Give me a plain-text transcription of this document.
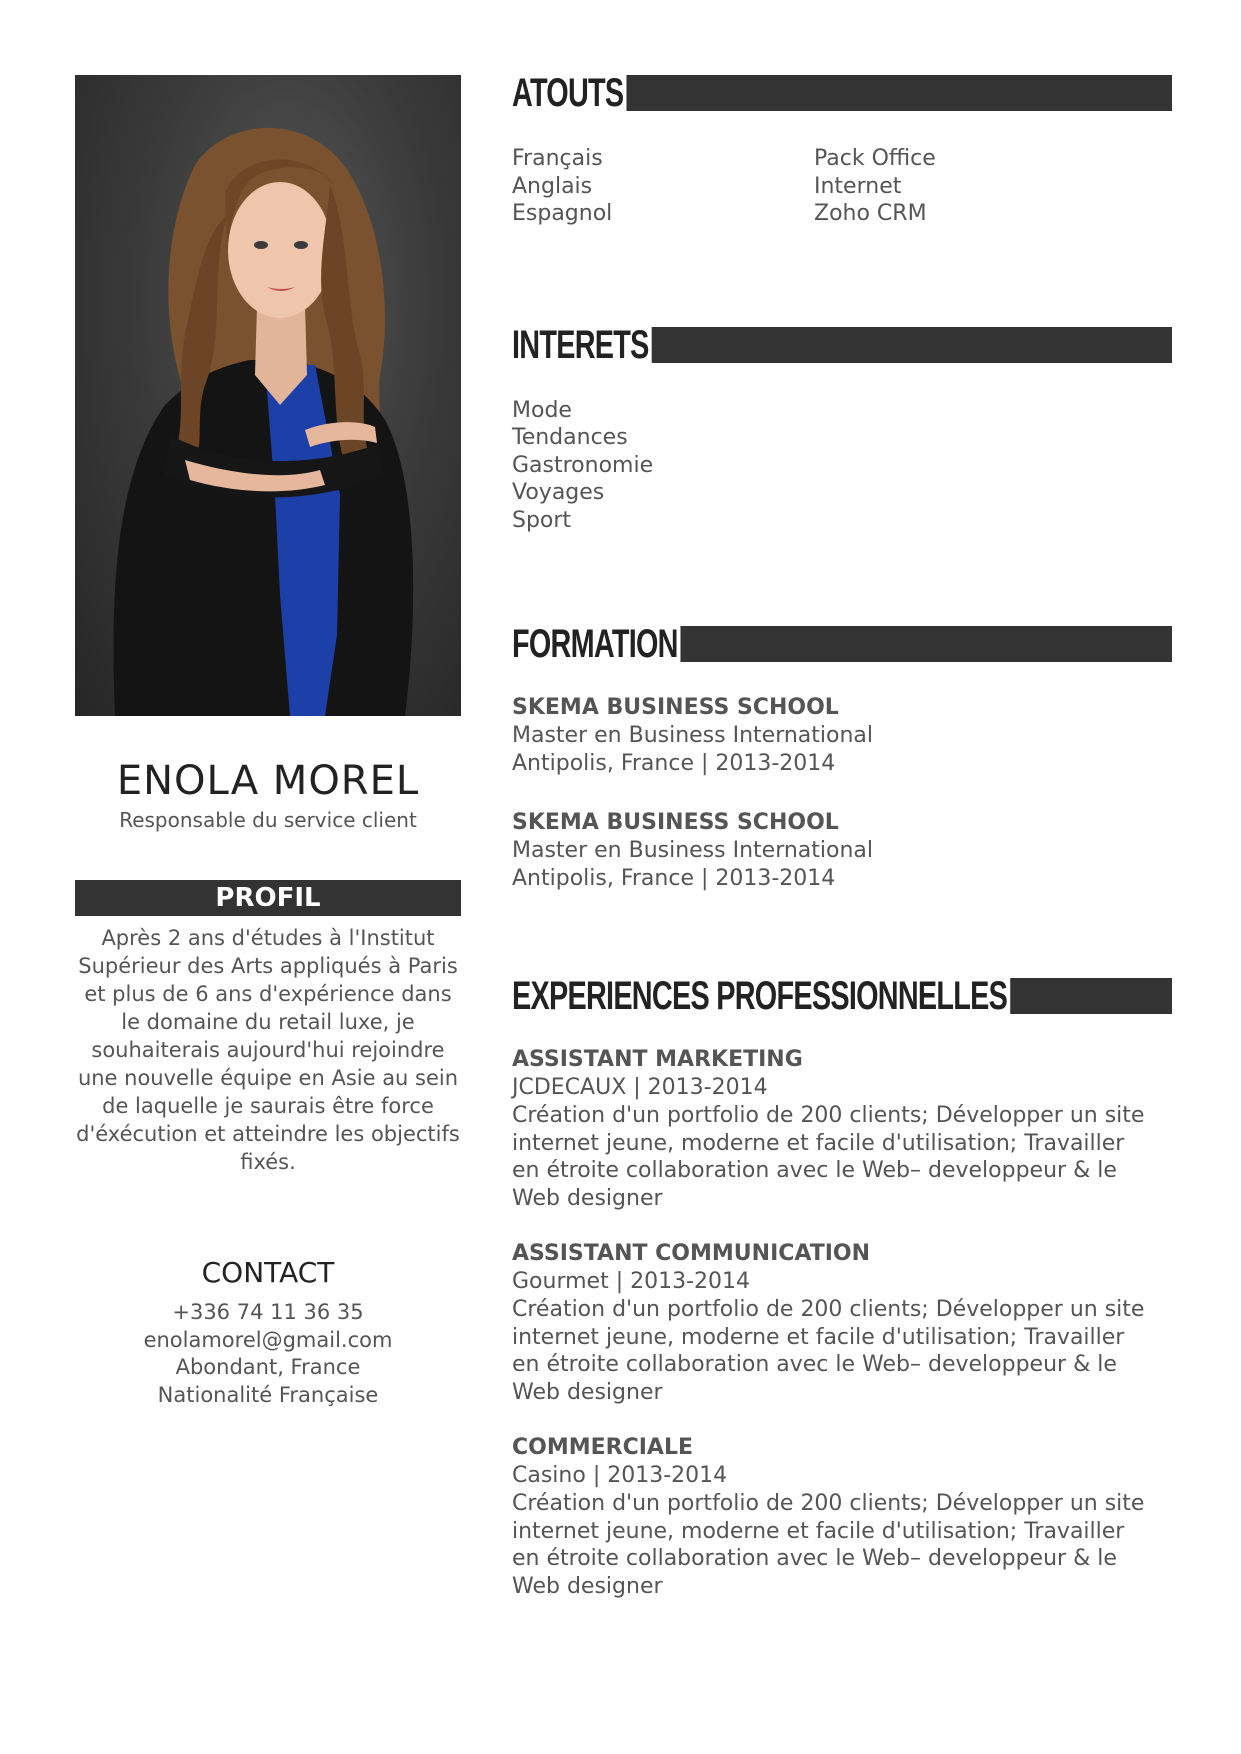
ENOLA MOREL
Responsable du service client
PROFIL
Après 2 ans d'études à l'Institut Supérieur des Arts appliqués à Paris et plus de 6 ans d'expérience dans le domaine du retail luxe, je souhaiterais aujourd'hui rejoindre une nouvelle équipe en Asie au sein de laquelle je saurais être force d'éxécution et atteindre les objectifs fixés.
CONTACT
+336 74 11 36 35
enolamorel@gmail.com
Abondant, France
Nationalité Française
ATOUTS
Français
Anglais
Espagnol
Pack Office
Internet
Zoho CRM
INTERETS
Mode
Tendances
Gastronomie
Voyages
Sport
FORMATION
SKEMA BUSINESS SCHOOL
Master en Business International
Antipolis, France | 2013-2014
SKEMA BUSINESS SCHOOL
Master en Business International
Antipolis, France | 2013-2014
EXPERIENCES PROFESSIONNELLES
ASSISTANT MARKETING
JCDECAUX | 2013-2014
Création d'un portfolio de 200 clients; Développer un site internet jeune, moderne et facile d'utilisation; Travailler en étroite collaboration avec le Web– developpeur & le Web designer
ASSISTANT COMMUNICATION
Gourmet | 2013-2014
Création d'un portfolio de 200 clients; Développer un site internet jeune, moderne et facile d'utilisation; Travailler en étroite collaboration avec le Web– developpeur & le Web designer
COMMERCIALE
Casino | 2013-2014
Création d'un portfolio de 200 clients; Développer un site internet jeune, moderne et facile d'utilisation; Travailler en étroite collaboration avec le Web– developpeur & le Web designer
